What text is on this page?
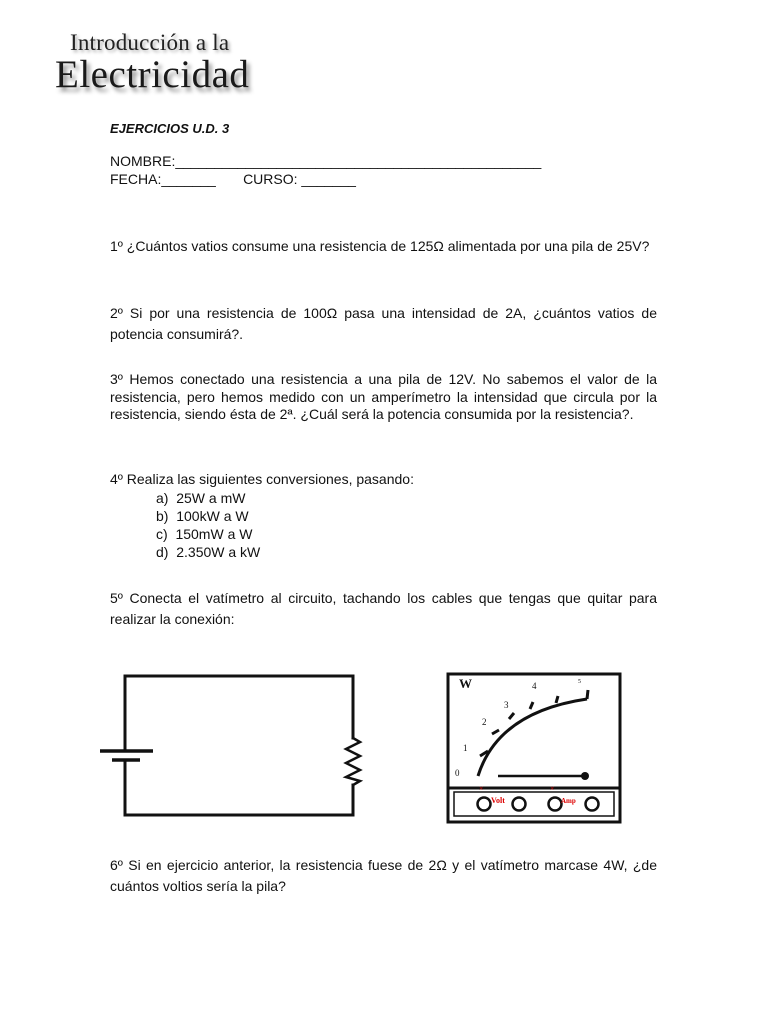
Introducción a la
Electricidad
EJERCICIOS U.D. 3
NOMBRE:_______________________________________________
FECHA:_______       CURSO: _______
1º ¿Cuántos vatios consume una resistencia de 125Ω alimentada por una pila de 25V?
2º Si por una resistencia de 100Ω pasa una intensidad de 2A, ¿cuántos vatios de potencia consumirá?.
3º Hemos conectado una resistencia a una pila de 12V. No sabemos el valor de la resistencia, pero hemos medido con un amperímetro la intensidad que circula por la resistencia, siendo ésta de 2ª. ¿Cuál será la potencia consumida por la resistencia?.
4º Realiza las siguientes conversiones, pasando:
a)  25W a mW
b)  100kW a W
c)  150mW a W
d)  2.350W a kW
5º Conecta el vatímetro al circuito, tachando los cables que tengas que quitar para realizar la conexión:
W
0
1
2
3
4	5
×	×
Volt	Amp
6º Si en ejercicio anterior, la resistencia fuese de 2Ω y el vatímetro marcase 4W, ¿de cuántos voltios sería la pila?
